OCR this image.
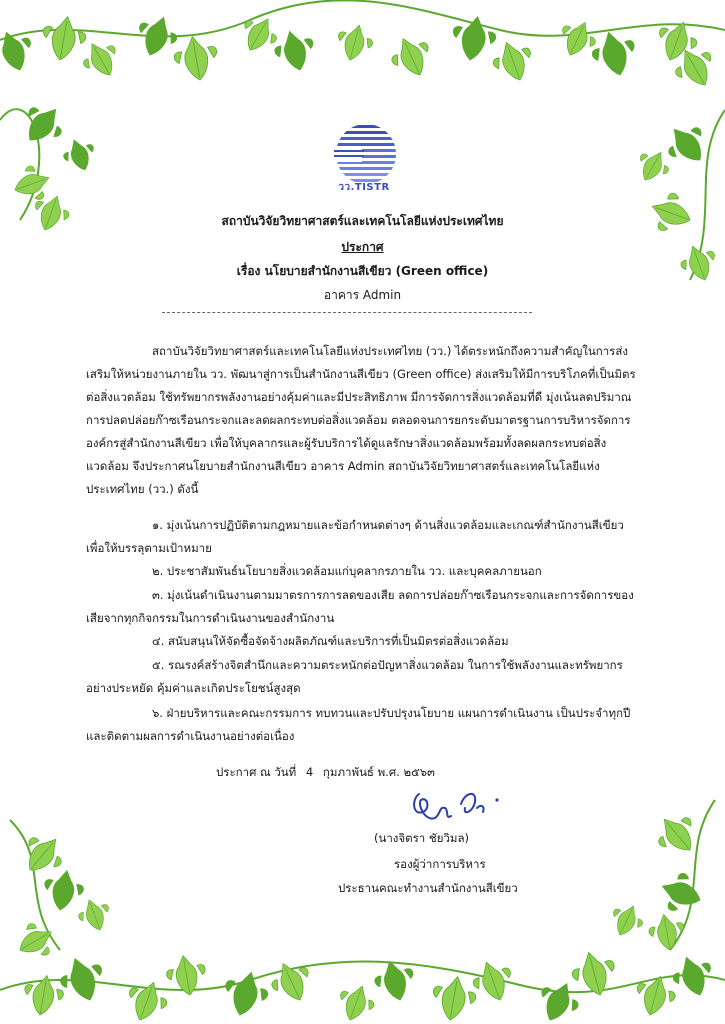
วว.TISTR
สถาบันวิจัยวิทยาศาสตร์และเทคโนโลยีแห่งประเทศไทย
ประกาศ
เรื่อง นโยบายสำนักงานสีเขียว (Green office)
อาคาร Admin
สถาบันวิจัยวิทยาศาสตร์และเทคโนโลยีแห่งประเทศไทย (วว.) ได้ตระหนักถึงความสำคัญในการส่งเสริมให้หน่วยงานภายใน วว. พัฒนาสู่การเป็นสำนักงานสีเขียว (Green office) ส่งเสริมให้มีการบริโภคที่เป็นมิตรต่อสิ่งแวดล้อม ใช้ทรัพยากรพลังงานอย่างคุ้มค่าและมีประสิทธิภาพ มีการจัดการสิ่งแวดล้อมที่ดี มุ่งเน้นลดปริมาณการปลดปล่อยก๊าซเรือนกระจกและลดผลกระทบต่อสิ่งแวดล้อม ตลอดจนการยกระดับมาตรฐานการบริหารจัดการองค์กรสู่สำนักงานสีเขียว เพื่อให้บุคลากรและผู้รับบริการได้ดูแลรักษาสิ่งแวดล้อมพร้อมทั้งลดผลกระทบต่อสิ่งแวดล้อม จึงประกาศนโยบายสำนักงานสีเขียว อาคาร Admin สถาบันวิจัยวิทยาศาสตร์และเทคโนโลยีแห่งประเทศไทย (วว.) ดังนี้
๑. มุ่งเน้นการปฏิบัติตามกฎหมายและข้อกำหนดต่างๆ ด้านสิ่งแวดล้อมและเกณฑ์สำนักงานสีเขียว เพื่อให้บรรลุตามเป้าหมาย
๒. ประชาสัมพันธ์นโยบายสิ่งแวดล้อมแก่บุคลากรภายใน วว. และบุคคลภายนอก
๓. มุ่งเน้นดำเนินงานตามมาตรการการลดของเสีย ลดการปล่อยก๊าซเรือนกระจกและการจัดการของเสียจากทุกกิจกรรมในการดำเนินงานของสำนักงาน
๔. สนับสนุนให้จัดซื้อจัดจ้างผลิตภัณฑ์และบริการที่เป็นมิตรต่อสิ่งแวดล้อม
๕. รณรงค์สร้างจิตสำนึกและความตระหนักต่อปัญหาสิ่งแวดล้อม ในการใช้พลังงานและทรัพยากรอย่างประหยัด คุ้มค่าและเกิดประโยชน์สูงสุด
๖. ฝ่ายบริหารและคณะกรรมการ ทบทวนและปรับปรุงนโยบาย แผนการดำเนินงาน เป็นประจำทุกปีและติดตามผลการดำเนินงานอย่างต่อเนื่อง
ประกาศ ณ วันที่ 4 กุมภาพันธ์ พ.ศ. ๒๕๖๓
(นางจิตรา ชัยวิมล)
รองผู้ว่าการบริหาร
ประธานคณะทำงานสำนักงานสีเขียว
